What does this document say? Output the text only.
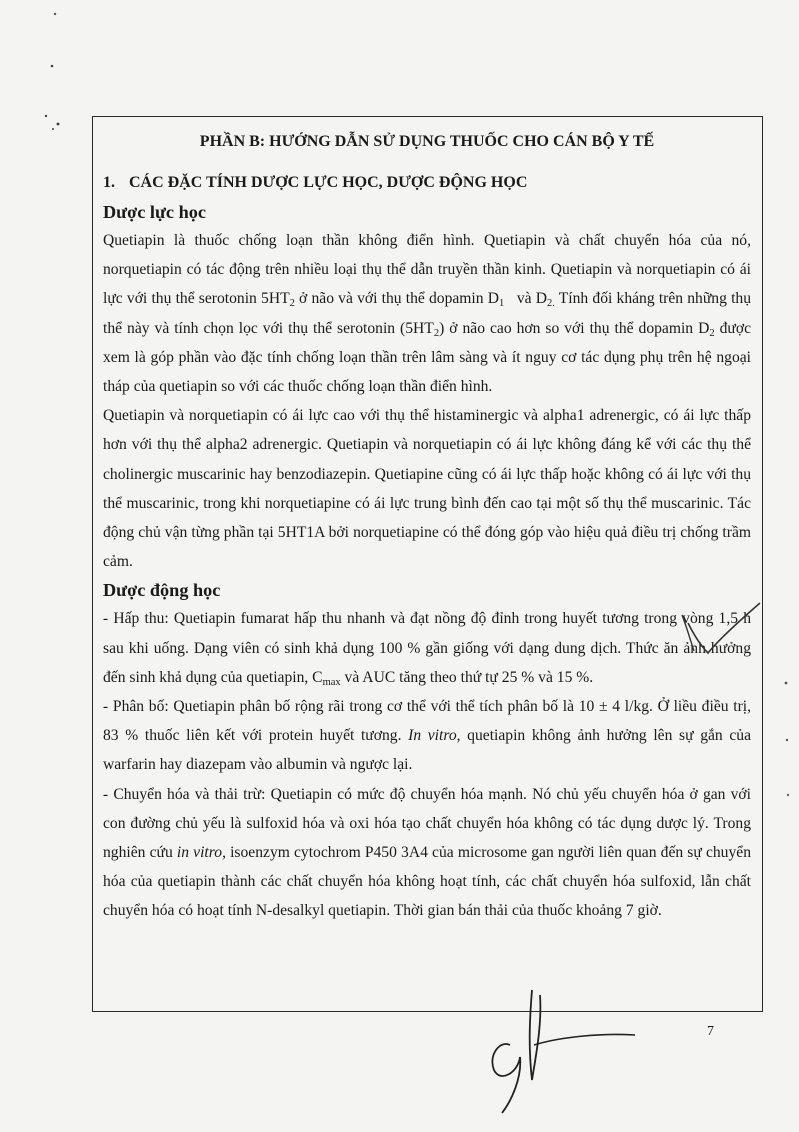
PHẦN B: HƯỚNG DẪN SỬ DỤNG THUỐC CHO CÁN BỘ Y TẾ
1. CÁC ĐẶC TÍNH DƯỢC LỰC HỌC, DƯỢC ĐỘNG HỌC
Dược lực học

Quetiapin là thuốc chống loạn thần không điển hình. Quetiapin và chất chuyển hóa của nó, norquetiapin có tác động trên nhiều loại thụ thể dẫn truyền thần kinh. Quetiapin và norquetiapin có ái lực với thụ thể serotonin $5HT_2$ ở não và với thụ thể dopamin $D_1$   và $D_{2.}$ Tính đối kháng trên những thụ thể này và tính chọn lọc với thụ thể serotonin $(5HT_2)$ ở não cao hơn so với thụ thể dopamin $D_2$ được xem là góp phần vào đặc tính chống loạn thần trên lâm sàng và ít nguy cơ tác dụng phụ trên hệ ngoại tháp của quetiapin so với các thuốc chống loạn thần điển hình.

Quetiapin và norquetiapin có ái lực cao với thụ thể histaminergic và alpha1 adrenergic, có ái lực thấp hơn với thụ thể alpha2 adrenergic. Quetiapin và norquetiapin có ái lực không đáng kể với các thụ thể cholinergic muscarinic hay benzodiazepin. Quetiapine cũng có ái lực thấp hoặc không có ái lực với thụ thể muscarinic, trong khi norquetiapine có ái lực trung bình đến cao tại một số thụ thể muscarinic. Tác động chủ vận từng phần tại 5HT1A bởi norquetiapine có thể đóng góp vào hiệu quả điều trị chống trầm cảm.

Dược động học

- Hấp thu: Quetiapin fumarat hấp thu nhanh và đạt nồng độ đỉnh trong huyết tương trong vòng 1,5 h sau khi uống. Dạng viên có sinh khả dụng 100 % gần giống với dạng dung dịch. Thức ăn ảnh hưởng đến sinh khả dụng của quetiapin, $C_{max}$ và AUC tăng theo thứ tự 25 % và 15 %.

- Phân bố: Quetiapin phân bố rộng rãi trong cơ thể với thể tích phân bố là 10 ± 4 l/kg. Ở liều điều trị, 83 % thuốc liên kết với protein huyết tương. In vitro, quetiapin không ảnh hưởng lên sự gắn của warfarin hay diazepam vào albumin và ngược lại.

- Chuyển hóa và thải trừ: Quetiapin có mức độ chuyển hóa mạnh. Nó chủ yếu chuyển hóa ở gan với con đường chủ yếu là sulfoxid hóa và oxi hóa tạo chất chuyển hóa không có tác dụng dược lý. Trong nghiên cứu in vitro, isoenzym cytochrom P450 3A4 của microsome gan người liên quan đến sự chuyển hóa của quetiapin thành các chất chuyển hóa không hoạt tính, các chất chuyển hóa sulfoxid, lẫn chất chuyển hóa có hoạt tính N-desalkyl quetiapin. Thời gian bán thải của thuốc khoảng 7 giờ.

7
